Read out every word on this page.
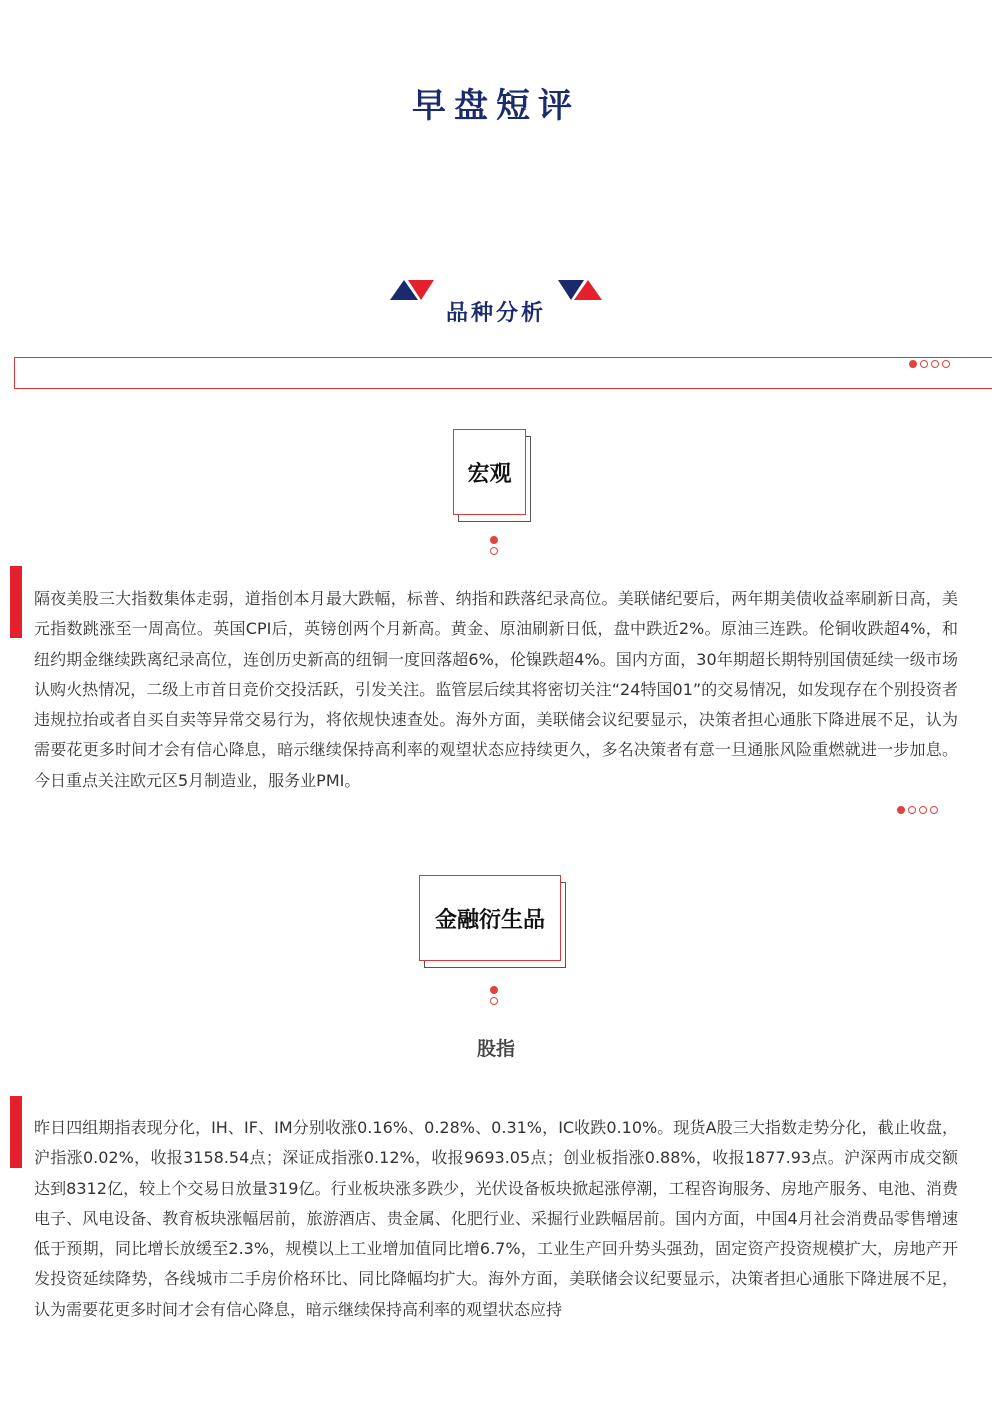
早盘短评
品种分析
宏观

隔夜美股三大指数集体走弱，道指创本月最大跌幅，标普、纳指和跌落纪录高位。美联储纪要后，两年期美债收益率刷新日高，美元指数跳涨至一周高位。英国CPI后，英镑创两个月新高。黄金、原油刷新日低，盘中跌近2%。原油三连跌。伦铜收跌超4%，和纽约期金继续跌离纪录高位，连创历史新高的纽铜一度回落超6%，伦镍跌超4%。国内方面，30年期超长期特别国债延续一级市场认购火热情况，二级上市首日竞价交投活跃，引发关注。监管层后续其将密切关注“24特国01”的交易情况，如发现存在个别投资者违规拉抬或者自买自卖等异常交易行为，将依规快速查处。海外方面，美联储会议纪要显示，决策者担心通胀下降进展不足，认为需要花更多时间才会有信心降息，暗示继续保持高利率的观望状态应持续更久，多名决策者有意一旦通胀风险重燃就进一步加息。今日重点关注欧元区5月制造业，服务业PMI。

金融衍生品
股指

昨日四组期指表现分化，IH、IF、IM分别收涨0.16%、0.28%、0.31%，IC收跌0.10%。现货A股三大指数走势分化，截止收盘，沪指涨0.02%，收报3158.54点；深证成指涨0.12%，收报9693.05点；创业板指涨0.88%，收报1877.93点。沪深两市成交额达到8312亿，较上个交易日放量319亿。行业板块涨多跌少，光伏设备板块掀起涨停潮，工程咨询服务、房地产服务、电池、消费电子、风电设备、教育板块涨幅居前，旅游酒店、贵金属、化肥行业、采掘行业跌幅居前。国内方面，中国4月社会消费品零售增速低于预期，同比增长放缓至2.3%，规模以上工业增加值同比增6.7%，工业生产回升势头强劲，固定资产投资规模扩大，房地产开发投资延续降势，各线城市二手房价格环比、同比降幅均扩大。海外方面，美联储会议纪要显示，决策者担心通胀下降进展不足，认为需要花更多时间才会有信心降息，暗示继续保持高利率的观望状态应持
